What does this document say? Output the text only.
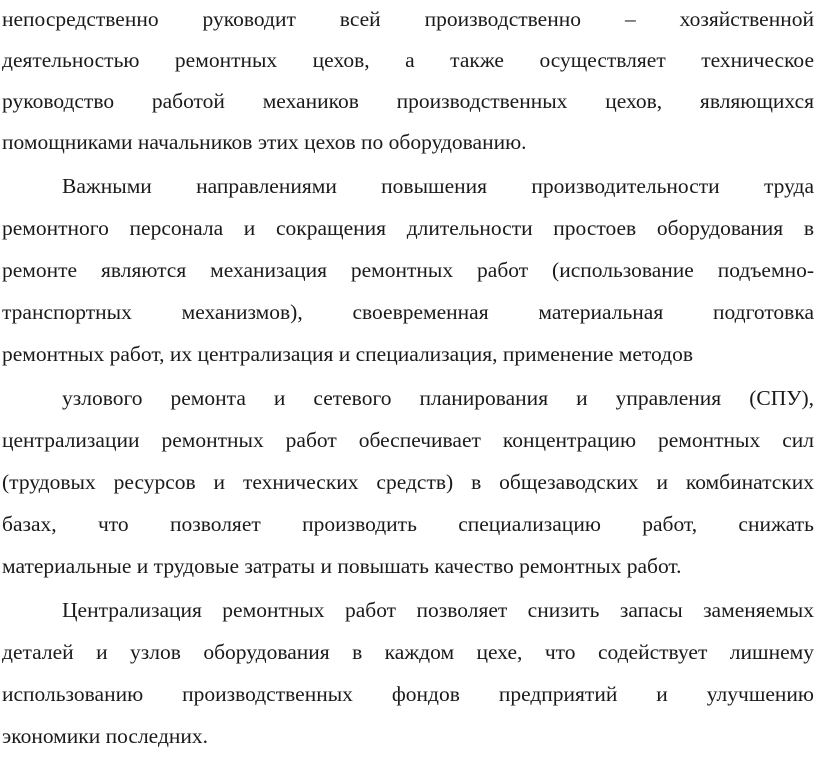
непосредственно руководит всей производственно – хозяйственной
деятельностью ремонтных цехов, а также осуществляет техническое
руководство работой механиков производственных цехов, являющихся
помощниками начальников этих цехов по оборудованию.
Важными направлениями повышения производительности труда
ремонтного персонала и сокращения длительности простоев оборудования в
ремонте являются механизация ремонтных работ (использование подъемно-
транспортных механизмов), своевременная материальная подготовка
ремонтных работ, их централизация и специализация, применение методов
узлового ремонта и сетевого планирования и управления (СПУ),
централизации ремонтных работ обеспечивает концентрацию ремонтных сил
(трудовых ресурсов и технических средств) в общезаводских и комбинатских
базах, что позволяет производить специализацию работ, снижать
материальные и трудовые затраты и повышать качество ремонтных работ.
Централизация ремонтных работ позволяет снизить запасы заменяемых
деталей и узлов оборудования в каждом цехе, что содействует лишнему
использованию производственных фондов предприятий и улучшению
экономики последних.
